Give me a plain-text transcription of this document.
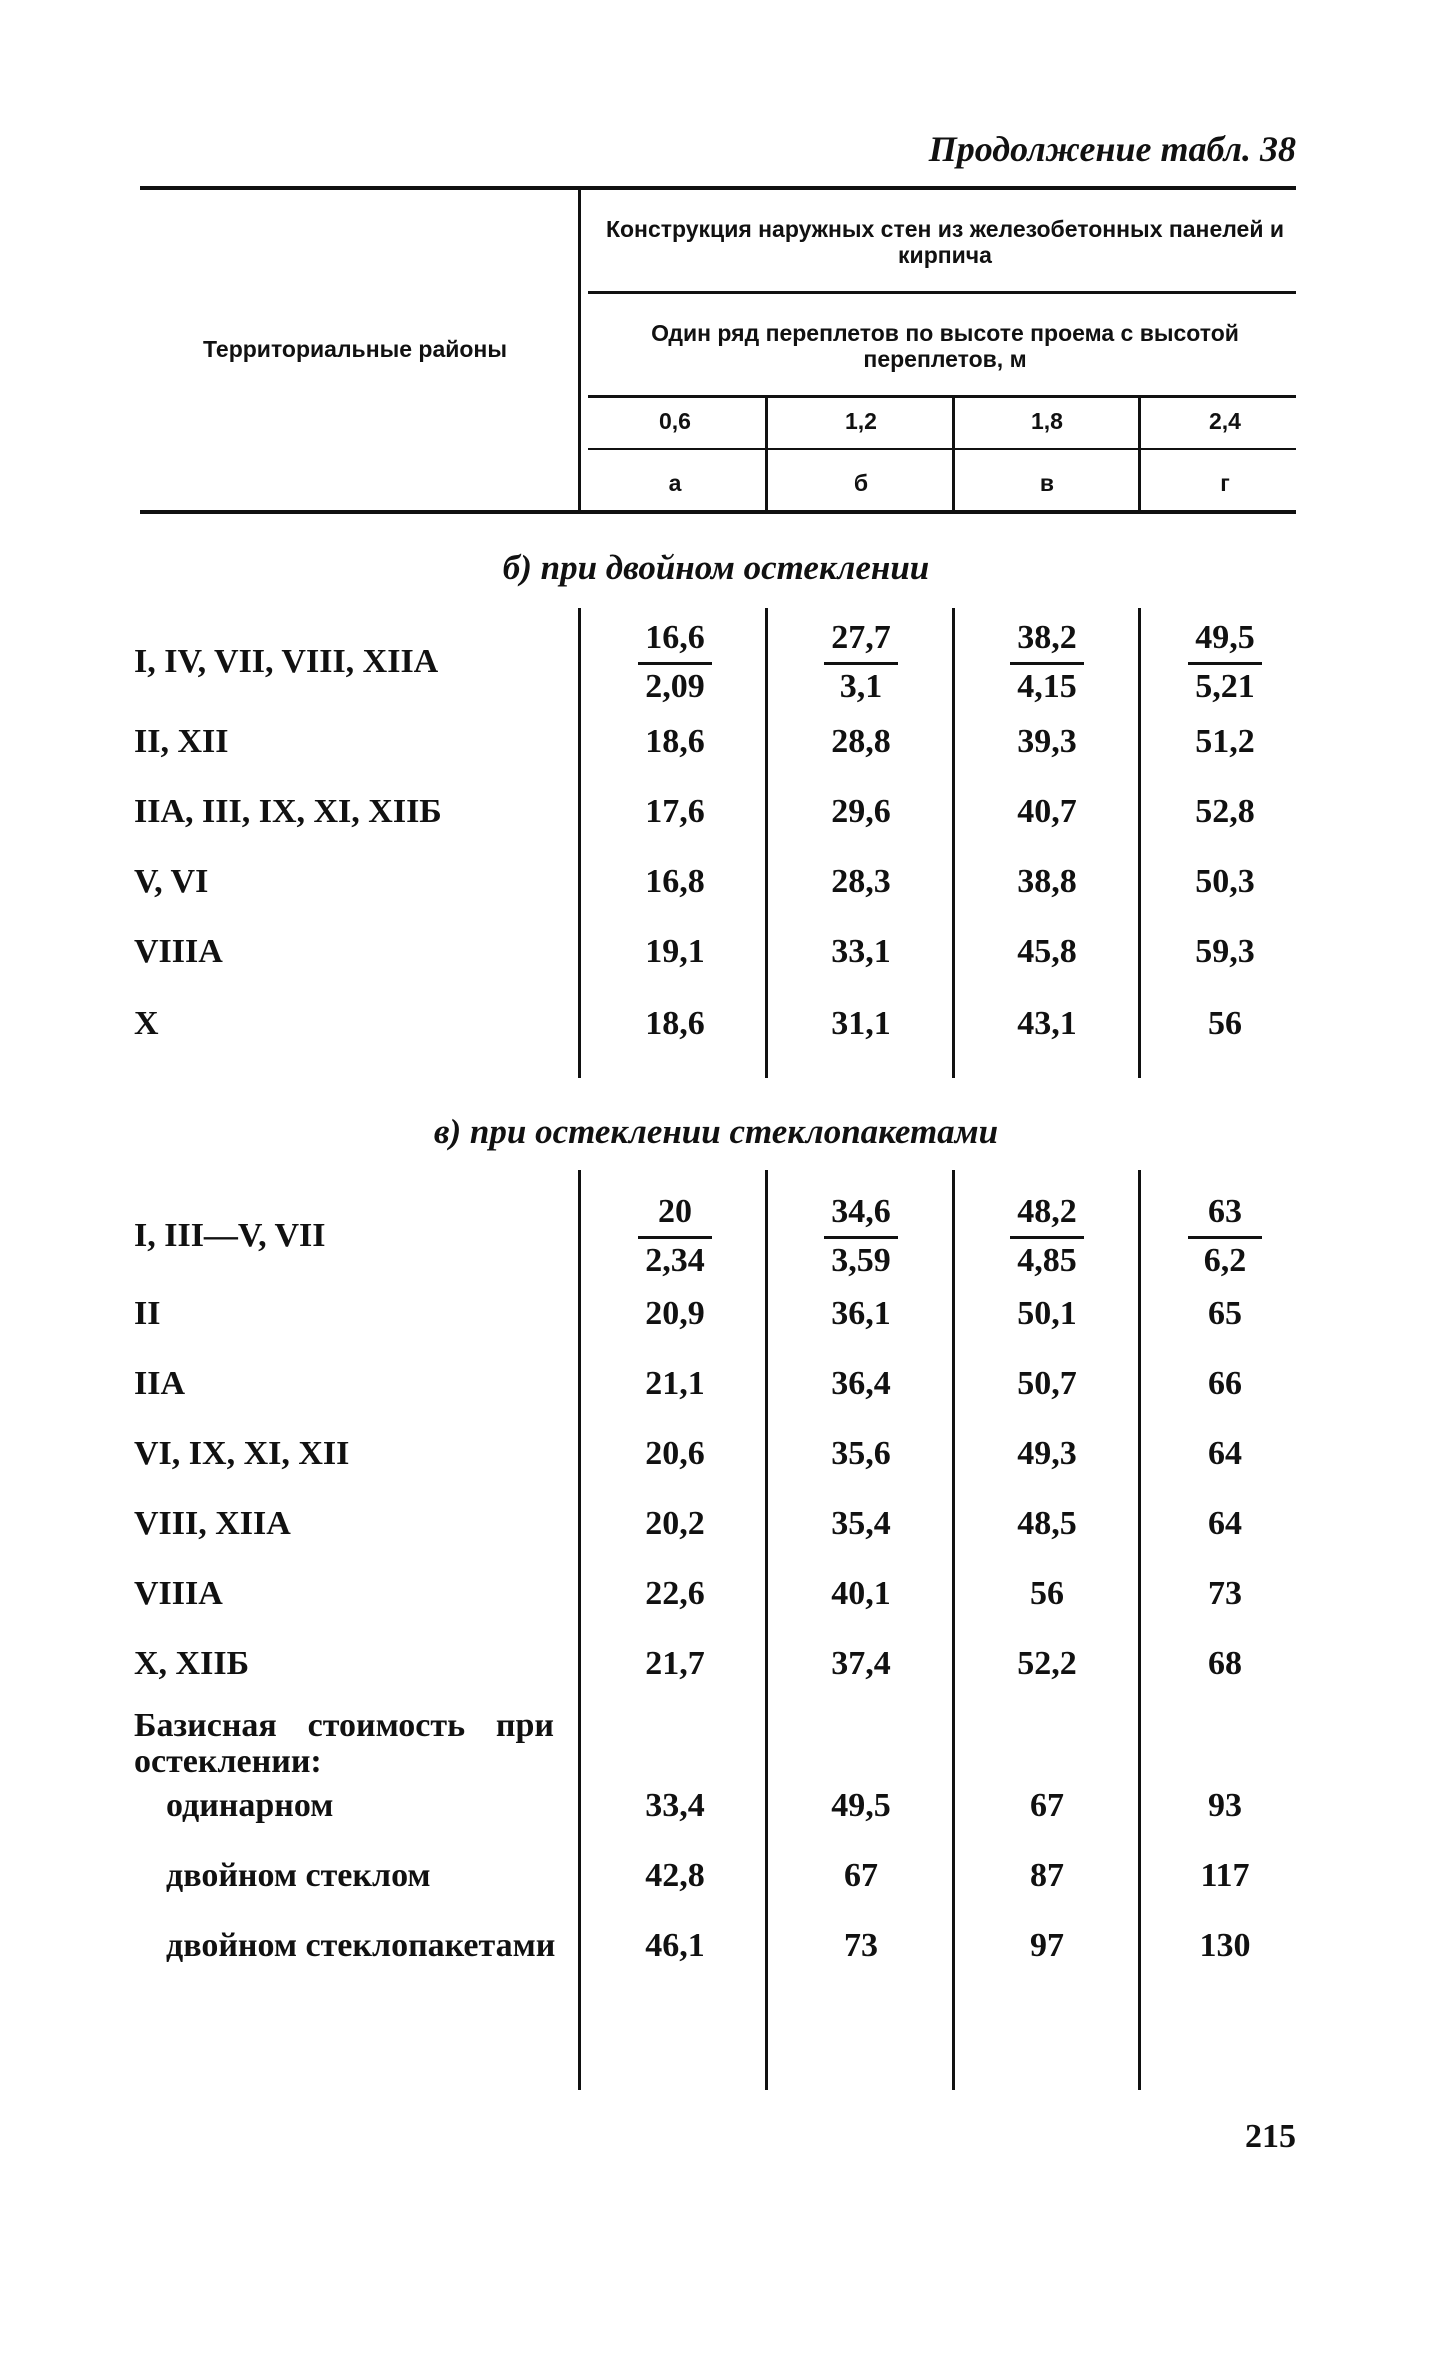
Продолжение табл. 38
Территориальные районы
Конструкция наружных стен из железобетонных панелей и кирпича
Один ряд переплетов по высоте проема с высотой переплетов, м
0,6	1,2	1,8	2,4
а	б	в	г
б) при двойном остеклении
I, IV, VII, VIII, XIIА	$\frac{16,6}{2,09} \frac{27,7}{3,1} \frac{38,2}{4,15} \frac{49,5}{5,21}$
II, XII	18,6	28,8	39,3	51,2
IIА, III, IX, XI, XIIБ	17,6	29,6	40,7	52,8
V, VI	16,8	28,3	38,8	50,3
VIIIА	19,1	33,1	45,8	59,3
X	18,6	31,1	43,1	56
в) при остеклении стеклопакетами
I, III—V, VII	$\frac{20}{2,34} \frac{34,6}{3,59} \frac{48,2}{4,85} \frac{63}{6,2}$
II	20,9	36,1	50,1	65
IIА	21,1	36,4	50,7	66
VI, IX, XI, XII	20,6	35,6	49,3	64
VIII, XIIА	20,2	35,4	48,5	64
VIIIА	22,6	40,1	56	73
X, XIIБ	21,7	37,4	52,2	68
Базисная стоимость при остеклении:
одинарном	33,4	49,5	67	93
двойном стеклом	42,8	67	87	117
двойном стеклопакетами	46,1	73	97	130
215
